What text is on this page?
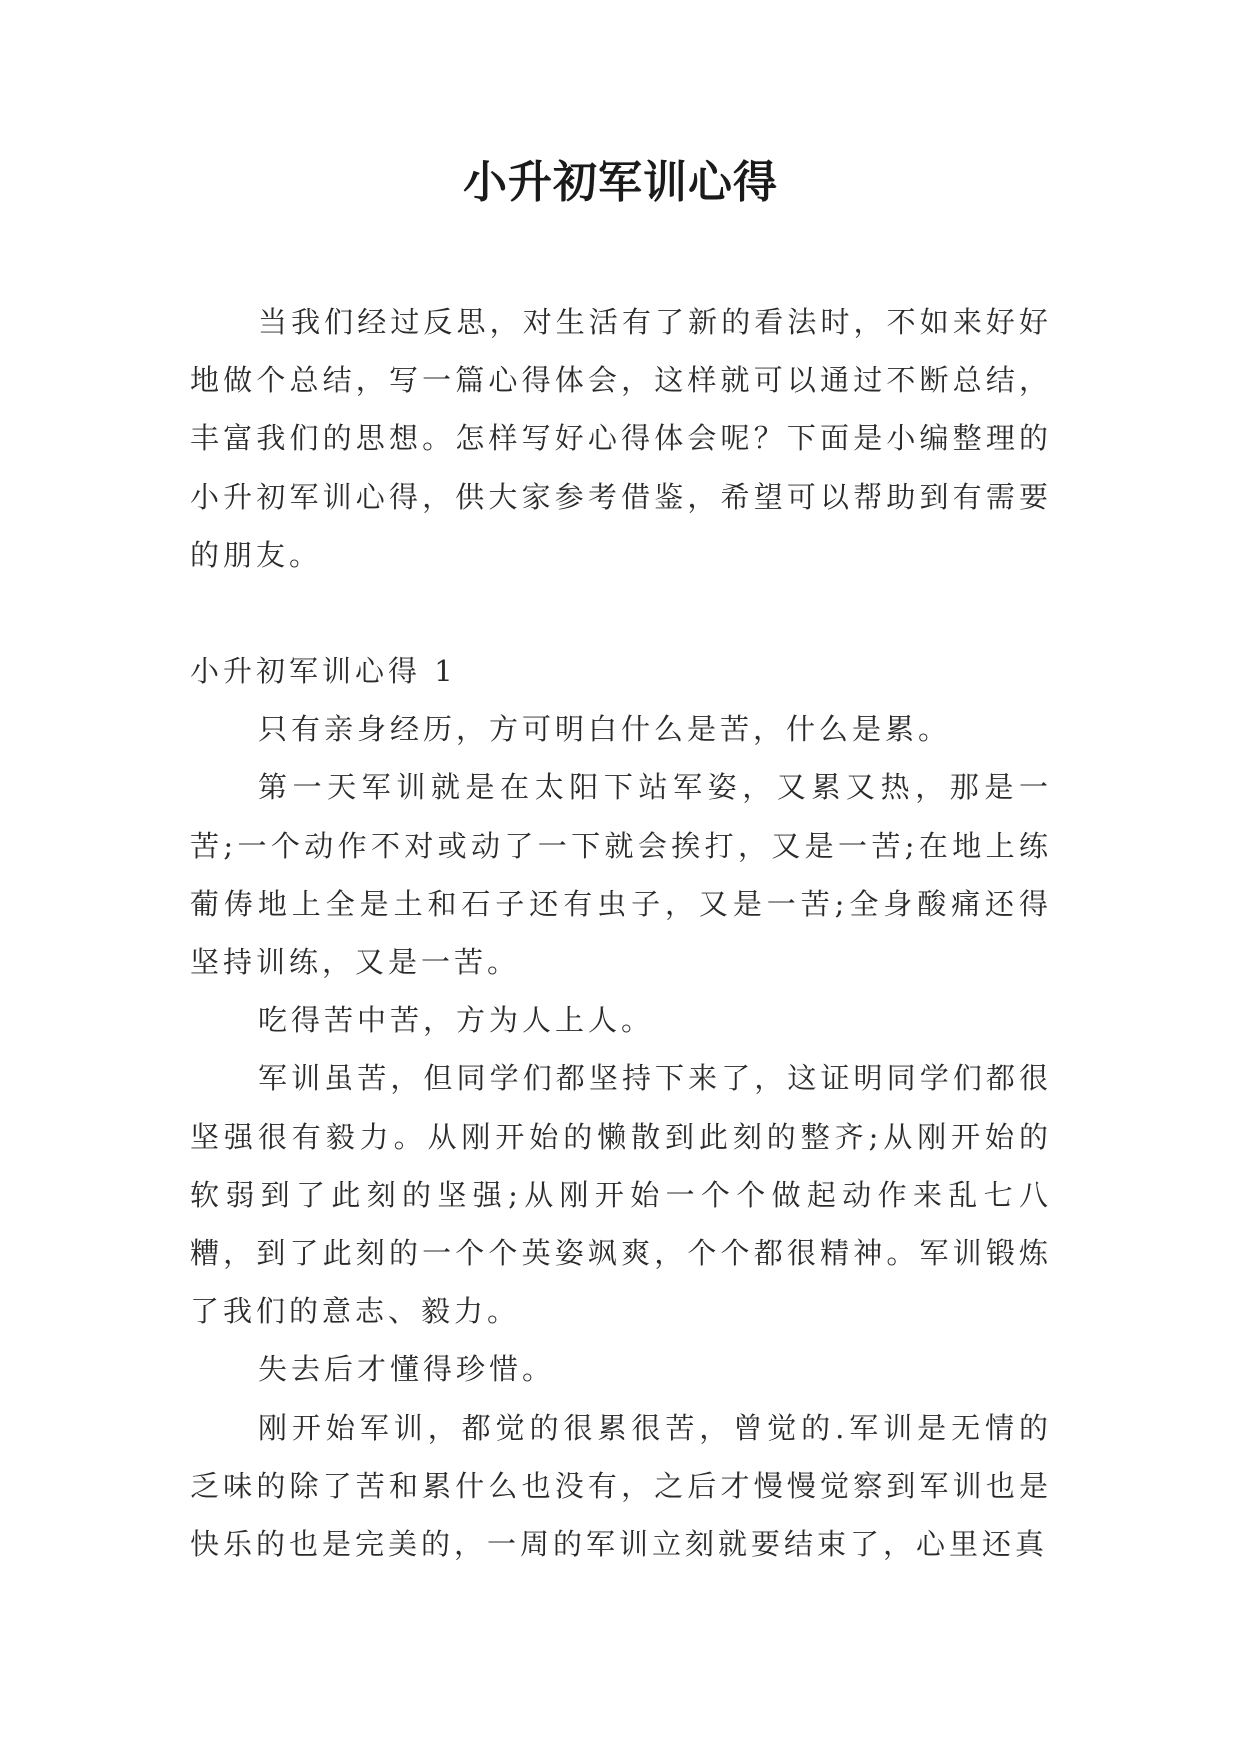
小升初军训心得

当我们经过反思，对生活有了新的看法时，不如来好好地做个总结，写一篇心得体会，这样就可以通过不断总结，丰富我们的思想。怎样写好心得体会呢？下面是小编整理的小升初军训心得，供大家参考借鉴，希望可以帮助到有需要的朋友。

小升初军训心得 1

只有亲身经历，方可明白什么是苦，什么是累。

第一天军训就是在太阳下站军姿，又累又热，那是一苦;一个动作不对或动了一下就会挨打，又是一苦;在地上练葡俦地上全是土和石子还有虫子，又是一苦;全身酸痛还得坚持训练，又是一苦。

吃得苦中苦，方为人上人。

军训虽苦，但同学们都坚持下来了，这证明同学们都很坚强很有毅力。从刚开始的懒散到此刻的整齐;从刚开始的软弱到了此刻的坚强;从刚开始一个个做起动作来乱七八糟，到了此刻的一个个英姿飒爽，个个都很精神。军训锻炼了我们的意志、毅力。

失去后才懂得珍惜。

刚开始军训，都觉的很累很苦，曾觉的.军训是无情的乏味的除了苦和累什么也没有，之后才慢慢觉察到军训也是快乐的也是完美的，一周的军训立刻就要结束了，心里还真
